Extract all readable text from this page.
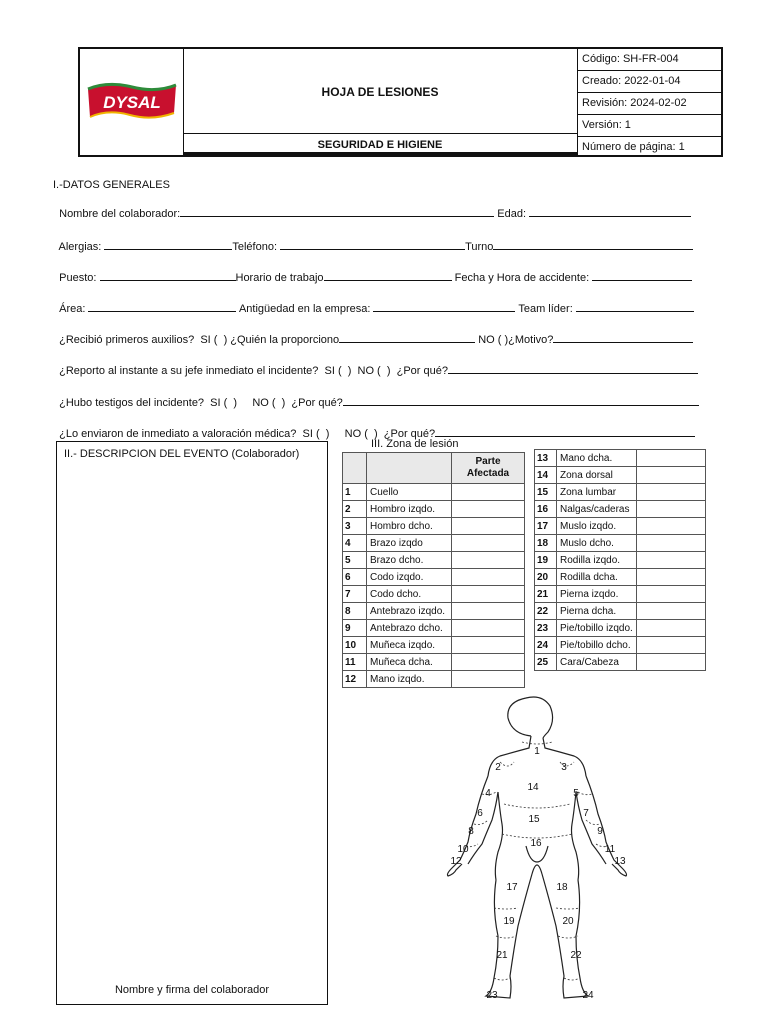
DYSAL
HOJA DE LESIONES
SEGURIDAD E HIGIENE
Código: SH-FR-004
Creado: 2022-01-04
Revisión: 2024-02-02
Versión: 1
Número de página: 1
I.-DATOS GENERALES

Nombre del colaborador:	Edad:

Alergias:	Teléfono:	Turno

Puesto:	Horario de trabajo	Fecha y Hora de accidente:

Área:	Antigüedad en la empresa:	Team líder:

¿Recibió primeros auxilios?  SI (  ) ¿Quién la proporciono	NO ( )¿Motivo?

¿Reporto al instante a su jefe inmediato el incidente?  SI (  )  NO (  )  ¿Por qué?

¿Hubo testigos del incidente?  SI (  )     NO (  )  ¿Por qué?

¿Lo enviaron de inmediato a valoración médica?  SI (  )     NO (  )  ¿Por qué?

II.- DESCRIPCION DEL EVENTO (Colaborador)
Nombre y firma del colaborador
III. Zona de lesión
		Parte Afectada
1	Cuello	
2	Hombro izqdo.	
3	Hombro dcho.	
4	Brazo izqdo	
5	Brazo dcho.	
6	Codo izqdo.	
7	Codo dcho.	
8	Antebrazo izqdo.	
9	Antebrazo dcho.	
10	Muñeca izqdo.	
11	Muñeca dcha.	
12	Mano izqdo.	
13	Mano dcha.	
14	Zona dorsal	
15	Zona lumbar	
16	Nalgas/caderas	
17	Muslo izqdo.	
18	Muslo dcho.	
19	Rodilla izqdo.	
20	Rodilla dcha.	
21	Pierna izqdo.	
22	Pierna dcha.	
23	Pie/tobillo izqdo.	
24	Pie/tobillo dcho.	
25	Cara/Cabeza	
1
2	3
4	5
6	7
8	9
10	11
12	13
14
15
16
17	18
19	20
21	22
23	24
